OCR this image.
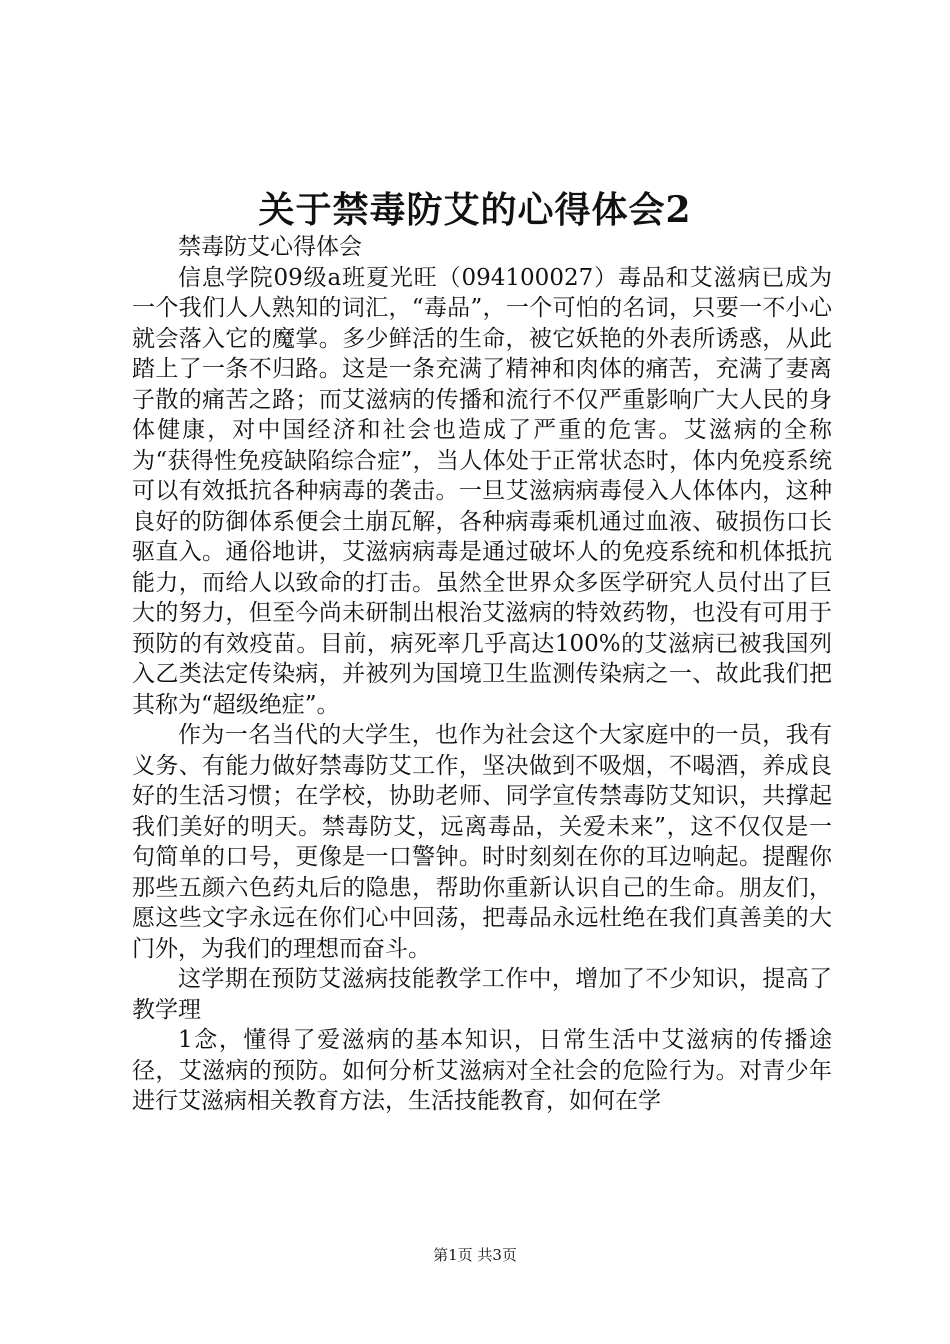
关于禁毒防艾的心得体会2

禁毒防艾心得体会

信息学院09级a班夏光旺（094100027）毒品和艾滋病已成为一个我们人人熟知的词汇，“毒品”，一个可怕的名词，只要一不小心就会落入它的魔掌。多少鲜活的生命，被它妖艳的外表所诱惑，从此踏上了一条不归路。这是一条充满了精神和肉体的痛苦，充满了妻离子散的痛苦之路；而艾滋病的传播和流行不仅严重影响广大人民的身体健康，对中国经济和社会也造成了严重的危害。艾滋病的全称为“获得性免疫缺陷综合症”，当人体处于正常状态时，体内免疫系统可以有效抵抗各种病毒的袭击。一旦艾滋病病毒侵入人体体内，这种良好的防御体系便会土崩瓦解，各种病毒乘机通过血液、破损伤口长驱直入。通俗地讲，艾滋病病毒是通过破坏人的免疫系统和机体抵抗能力，而给人以致命的打击。虽然全世界众多医学研究人员付出了巨大的努力，但至今尚未研制出根治艾滋病的特效药物，也没有可用于预防的有效疫苗。目前，病死率几乎高达100%的艾滋病已被我国列入乙类法定传染病，并被列为国境卫生监测传染病之一、故此我们把其称为“超级绝症”。

作为一名当代的大学生，也作为社会这个大家庭中的一员，我有义务、有能力做好禁毒防艾工作，坚决做到不吸烟，不喝酒，养成良好的生活习惯；在学校，协助老师、同学宣传禁毒防艾知识，共撑起我们美好的明天。禁毒防艾，远离毒品，关爱未来”，这不仅仅是一句简单的口号，更像是一口警钟。时时刻刻在你的耳边响起。提醒你那些五颜六色药丸后的隐患，帮助你重新认识自己的生命。朋友们，愿这些文字永远在你们心中回荡，把毒品永远杜绝在我们真善美的大门外，为我们的理想而奋斗。

这学期在预防艾滋病技能教学工作中，增加了不少知识，提高了教学理

1念，懂得了爱滋病的基本知识，日常生活中艾滋病的传播途径，艾滋病的预防。如何分析艾滋病对全社会的危险行为。对青少年进行艾滋病相关教育方法，生活技能教育，如何在学

第1页 共3页
